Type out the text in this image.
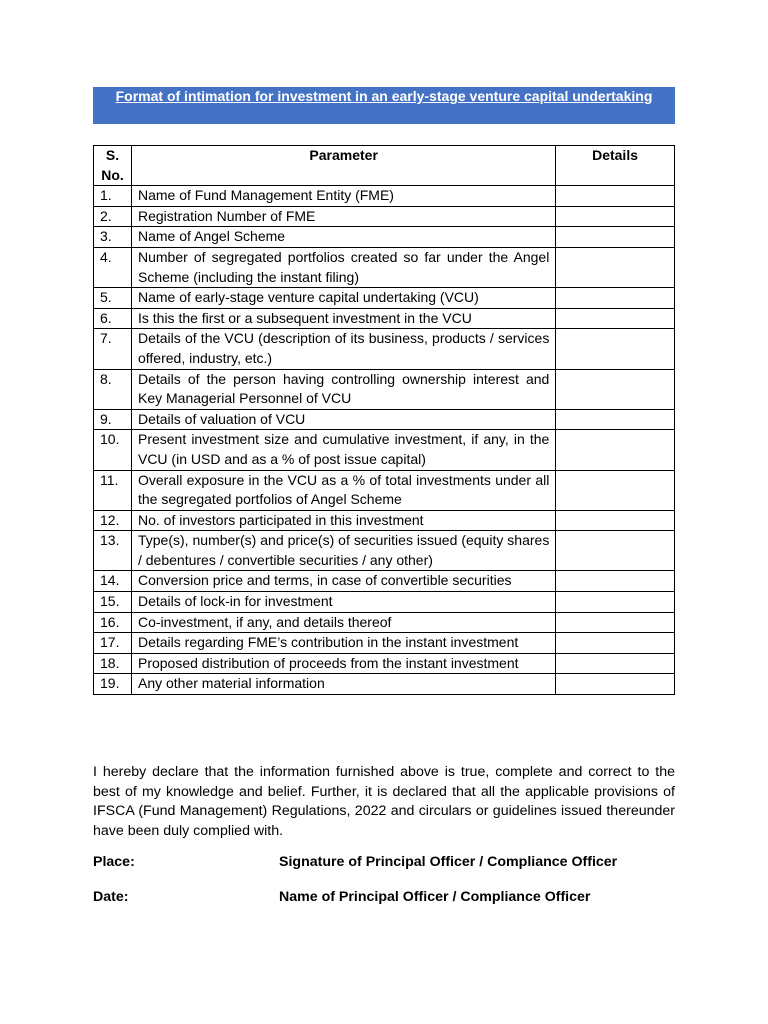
Format of intimation for investment in an early-stage venture capital undertaking
S. No.	Parameter	Details
1.	Name of Fund Management Entity (FME)	
2.	Registration Number of FME	
3.	Name of Angel Scheme	
4.	Number of segregated portfolios created so far under the Angel Scheme (including the instant filing)	
5.	Name of early-stage venture capital undertaking (VCU)	
6.	Is this the first or a subsequent investment in the VCU	
7.	Details of the VCU (description of its business, products / services offered, industry, etc.)	
8.	Details of the person having controlling ownership interest and Key Managerial Personnel of VCU	
9.	Details of valuation of VCU	
10.	Present investment size and cumulative investment, if any, in the VCU (in USD and as a % of post issue capital)	
11.	Overall exposure in the VCU as a % of total investments under all the segregated portfolios of Angel Scheme	
12.	No. of investors participated in this investment	
13.	Type(s), number(s) and price(s) of securities issued (equity shares / debentures / convertible securities / any other)	
14.	Conversion price and terms, in case of convertible securities	
15.	Details of lock-in for investment	
16.	Co-investment, if any, and details thereof	
17.	Details regarding FME’s contribution in the instant investment	
18.	Proposed distribution of proceeds from the instant investment	
19.	Any other material information	
I hereby declare that the information furnished above is true, complete and correct to the best of my knowledge and belief. Further, it is declared that all the applicable provisions of IFSCA (Fund Management) Regulations, 2022 and circulars or guidelines issued thereunder have been duly complied with.
Place:	Signature of Principal Officer / Compliance Officer
Date:	Name of Principal Officer / Compliance Officer
